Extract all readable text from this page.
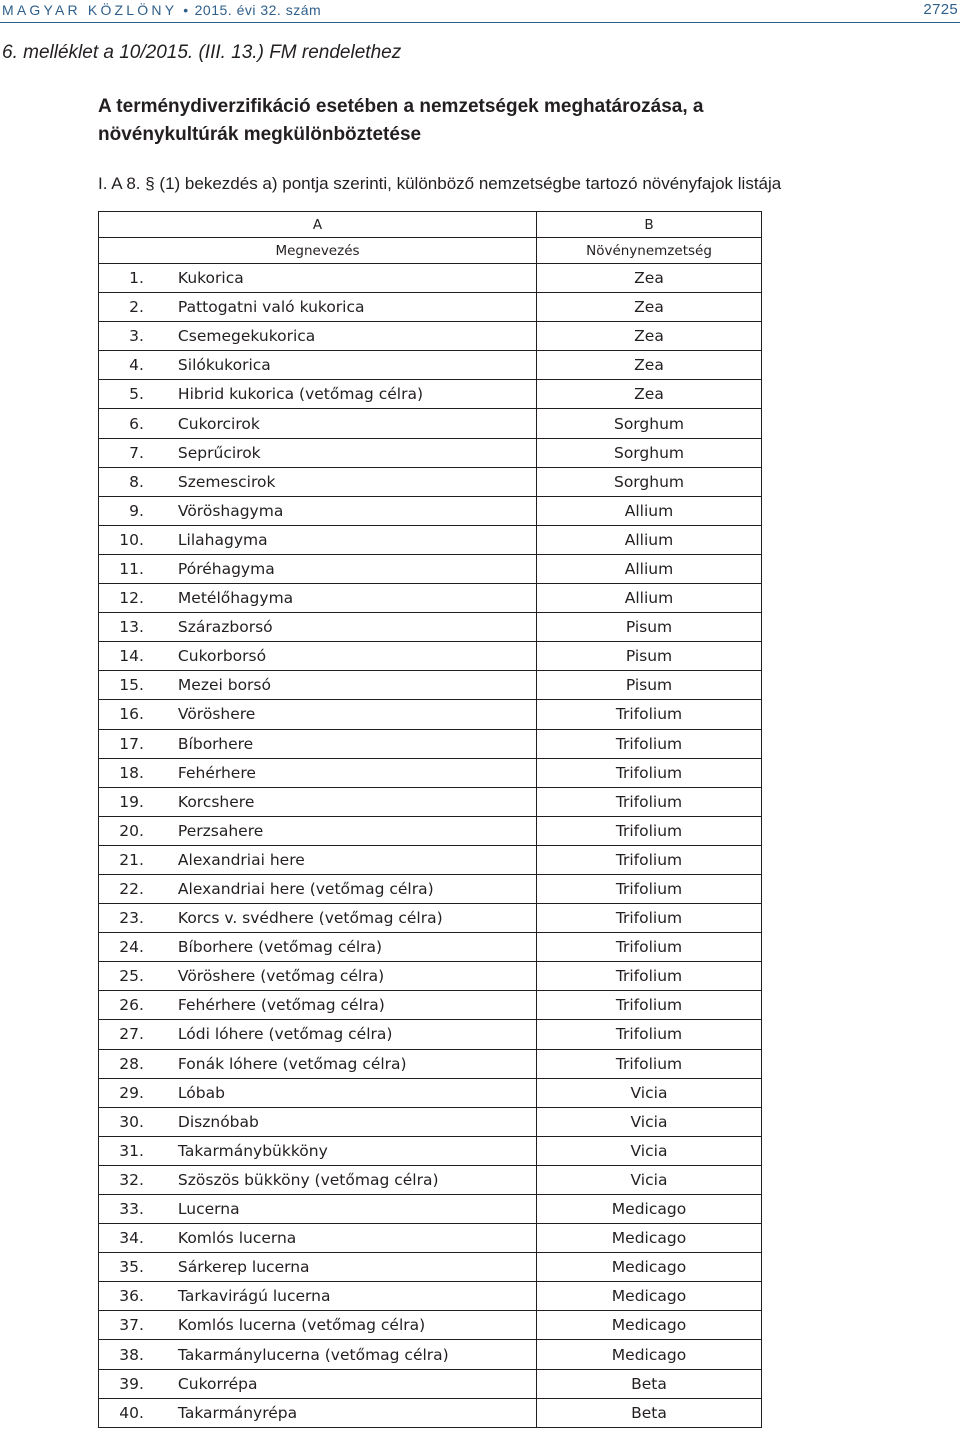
MAGYAR KÖZLÖNY • 2015. évi 32. szám	2725
6. melléklet a 10/2015. (III. 13.) FM rendelethez
A terménydiverzifikáció esetében a nemzetségek meghatározása, a növénykultúrák megkülönböztetése
I. A 8. § (1) bekezdés a) pontja szerinti, különböző nemzetségbe tartozó növényfajok listája
A		B
Megnevezés		Növénynemzetség
1.	Kukorica	Zea
2.	Pattogatni való kukorica	Zea
3.	Csemegekukorica	Zea
4.	Silókukorica	Zea
5.	Hibrid kukorica (vetőmag célra)	Zea
6.	Cukorcirok	Sorghum
7.	Seprűcirok	Sorghum
8.	Szemescirok	Sorghum
9.	Vöröshagyma	Allium
10.	Lilahagyma	Allium
11.	Póréhagyma	Allium
12.	Metélőhagyma	Allium
13.	Szárazborsó	Pisum
14.	Cukorborsó	Pisum
15.	Mezei borsó	Pisum
16.	Vöröshere	Trifolium
17.	Bíborhere	Trifolium
18.	Fehérhere	Trifolium
19.	Korcshere	Trifolium
20.	Perzsahere	Trifolium
21.	Alexandriai here	Trifolium
22.	Alexandriai here (vetőmag célra)	Trifolium
23.	Korcs v. svédhere (vetőmag célra)	Trifolium
24.	Bíborhere (vetőmag célra)	Trifolium
25.	Vöröshere (vetőmag célra)	Trifolium
26.	Fehérhere (vetőmag célra)	Trifolium
27.	Lódi lóhere (vetőmag célra)	Trifolium
28.	Fonák lóhere (vetőmag célra)	Trifolium
29.	Lóbab	Vicia
30.	Disznóbab	Vicia
31.	Takarmánybükköny	Vicia
32.	Szöszös bükköny (vetőmag célra)	Vicia
33.	Lucerna	Medicago
34.	Komlós lucerna	Medicago
35.	Sárkerep lucerna	Medicago
36.	Tarkavirágú lucerna	Medicago
37.	Komlós lucerna (vetőmag célra)	Medicago
38.	Takarmánylucerna (vetőmag célra)	Medicago
39.	Cukorrépa	Beta
40.	Takarmányrépa	Beta
